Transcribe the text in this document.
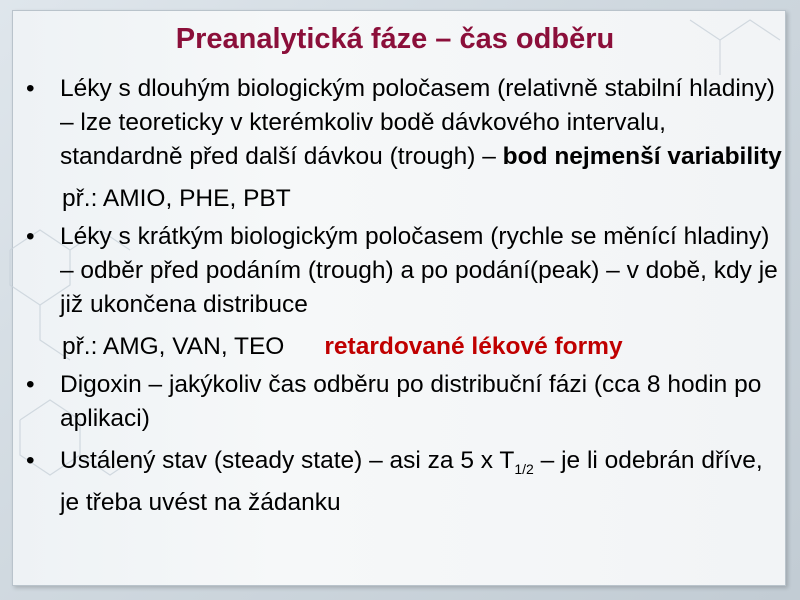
Preanalytická fáze – čas odběru
• Léky s dlouhým biologickým poločasem (relativně stabilní hladiny) – lze teoreticky v kterémkoliv bodě dávkového intervalu, standardně před další dávkou (trough) – bod nejmenší variability
př.: AMIO, PHE, PBT
• Léky s krátkým biologickým poločasem (rychle se měnící hladiny) – odběr před podáním (trough) a po podání(peak) – v době, kdy je již ukončena distribuce
př.: AMG, VAN, TEO retardované lékové formy
• Digoxin – jakýkoliv čas odběru po distribuční fázi (cca 8 hodin po aplikaci)
• Ustálený stav (steady state) – asi za 5 x $T_{1/2}$ – je li odebrán dříve, je třeba uvést na žádanku
